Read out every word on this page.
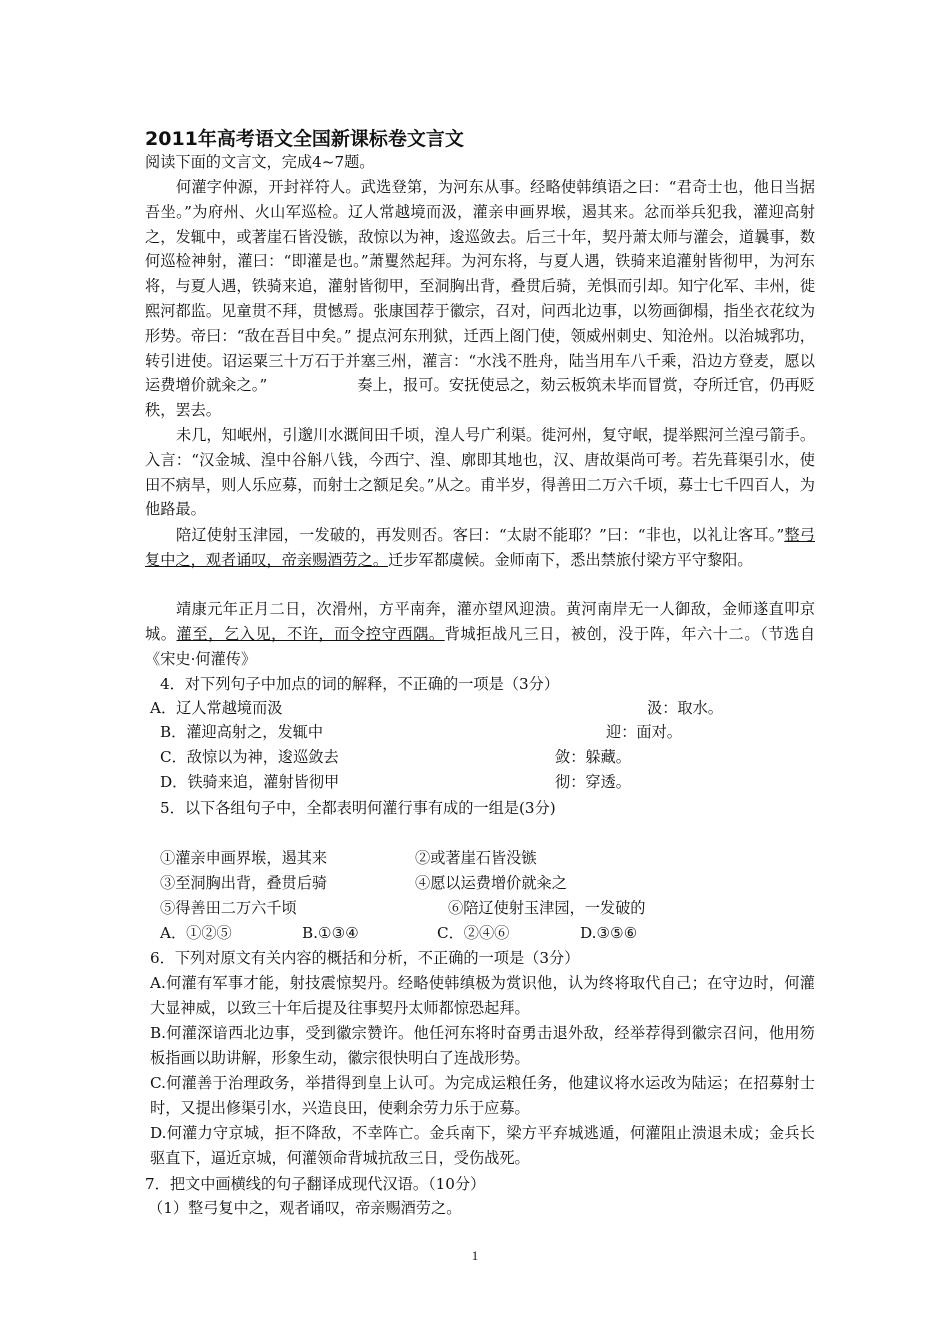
2011年高考语文全国新课标卷文言文
阅读下面的文言文，完成4~7题。
何灌字仲源，开封祥符人。武选登第，为河东从事。经略使韩缜语之曰：“君奇士也，他日当据吾坐。”为府州、火山军巡检。辽人常越境而汲，灌亲申画界堠，遏其来。忿而举兵犯我，灌迎高射之，发辄中，或著崖石皆没镞，敌惊以为神，逡巡敛去。后三十年，契丹萧太师与灌会，道曩事，数何巡检神射，灌曰：“即灌是也。”萧矍然起拜。为河东将，与夏人遇，铁骑来追灌射皆彻甲，为河东将，与夏人遇，铁骑来追，灌射皆彻甲，至洞胸出背，叠贯后骑，羌惧而引却。知宁化军、丰州，徙熙河都监。见童贯不拜，贯憾焉。张康国荐于徽宗，召对，问西北边事，以笏画御榻，指坐衣花纹为形势。帝曰：“敌在吾目中矣。” 提点河东刑狱，迁西上阁门使，领威州刺史、知沧州。以治城郛功，转引进使。诏运粟三十万石于并塞三州，灌言：“水浅不胜舟，陆当用车八千乘，沿边方登麦，愿以运费增价就籴之。”	奏上，报可。安抚使忌之，劾云板筑未毕而冒赏，夺所迁官，仍再贬秩，罢去。
未几，知岷州，引邈川水溉间田千顷，湟人号广利渠。徙河州，复守岷，提举熙河兰湟弓箭手。入言：“汉金城、湟中谷斛八钱，今西宁、湟、廓即其地也，汉、唐故渠尚可考。若先葺渠引水，使田不病旱，则人乐应募，而射士之额足矣。”从之。甫半岁，得善田二万六千顷，募士七千四百人，为他路最。
陪辽使射玉津园，一发破的，再发则否。客曰：“太尉不能耶？”曰：“非也，以礼让客耳。”整弓复中之，观者诵叹，帝亲赐酒劳之。迁步军都虞候。金师南下，悉出禁旅付梁方平守黎阳。
靖康元年正月二日，次滑州，方平南奔，灌亦望风迎溃。黄河南岸无一人御敌，金师遂直叩京城。灌至，乞入见，不许，而令控守西隅。背城拒战凡三日，被创，没于阵，年六十二。（节选自《宋史·何灌传》
4．对下列句子中加点的词的解释，不正确的一项是（3分）
A．辽人常越境而汲	汲：取水。
B．灌迎高射之，发辄中	迎：面对。
C．敌惊以为神，逡巡敛去	敛：躲藏。
D．铁骑来追，灌射皆彻甲	彻：穿透。
5．以下各组句子中，全都表明何灌行事有成的一组是(3分)
①灌亲申画界堠，遏其来	②或著崖石皆没镞
③至洞胸出背，叠贯后骑	④愿以运费增价就籴之
⑤得善田二万六千顷	⑥陪辽使射玉津园，一发破的
A．①②⑤	B.①③④	C．②④⑥	D.③⑤⑥
6．下列对原文有关内容的概括和分析，不正确的一项是（3分）
A.何灌有军事才能，射技震惊契丹。经略使韩缜极为赏识他，认为终将取代自己；在守边时，何灌大显神威，以致三十年后提及往事契丹太师都惊恐起拜。
B.何灌深谙西北边事，受到徽宗赞许。他任河东将时奋勇击退外敌，经举荐得到徽宗召问，他用笏板指画以助讲解，形象生动，徽宗很快明白了连战形势。
C.何灌善于治理政务，举措得到皇上认可。为完成运粮任务，他建议将水运改为陆运；在招募射士时，又提出修渠引水，兴造良田，使剩余劳力乐于应募。
D.何灌力守京城，拒不降敌，不幸阵亡。金兵南下，梁方平弃城逃遁，何灌阻止溃退未成；金兵长驱直下，逼近京城，何灌领命背城抗敌三日，受伤战死。
7．把文中画横线的句子翻译成现代汉语。（10分）
（1）整弓复中之，观者诵叹，帝亲赐酒劳之。
1
